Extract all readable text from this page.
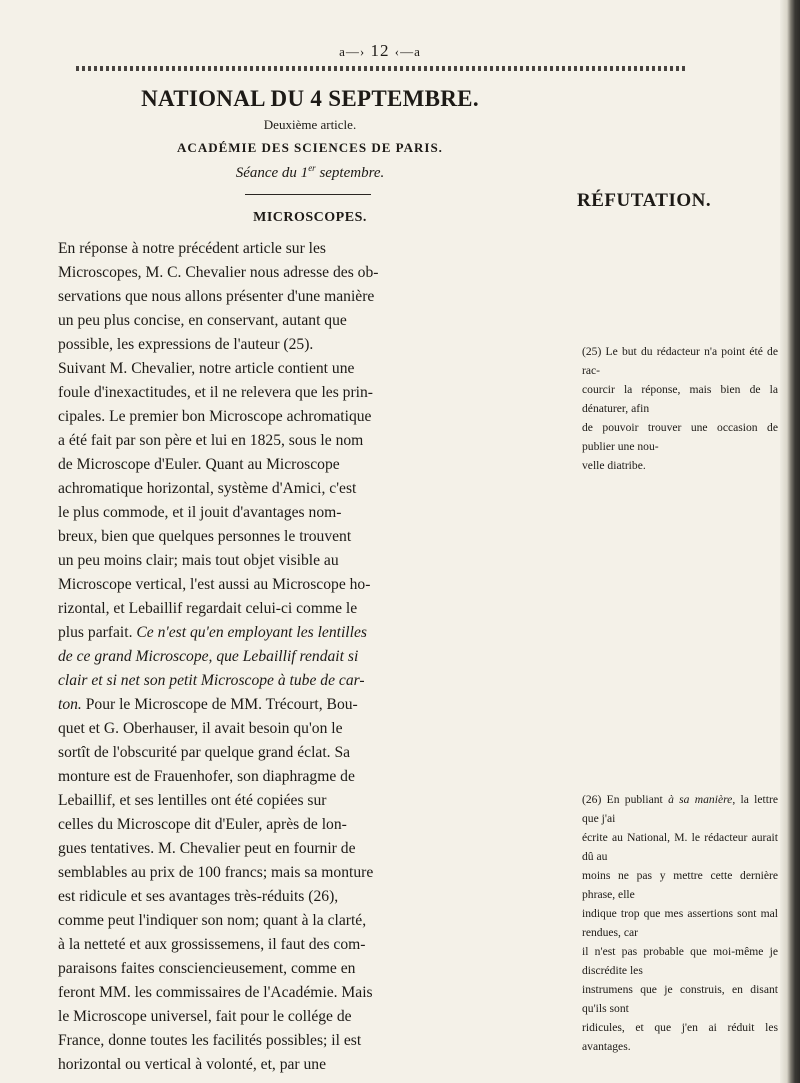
a—› 12 ‹—a
NATIONAL DU 4 SEPTEMBRE.
Deuxième article.
ACADÉMIE DES SCIENCES DE PARIS.
Séance du 1er septembre.
MICROSCOPES.
RÉFUTATION.

En réponse à notre précédent article sur les

Microscopes, M. C. Chevalier nous adresse des ob-

servations que nous allons présenter d'une manière

un peu plus concise, en conservant, autant que

possible, les expressions de l'auteur (25).

Suivant M. Chevalier, notre article contient une

foule d'inexactitudes, et il ne relevera que les prin-

cipales. Le premier bon Microscope achromatique

a été fait par son père et lui en 1825, sous le nom

de Microscope d'Euler. Quant au Microscope

achromatique horizontal, système d'Amici, c'est

le plus commode, et il jouit d'avantages nom-

breux, bien que quelques personnes le trouvent

un peu moins clair; mais tout objet visible au

Microscope vertical, l'est aussi au Microscope ho-

rizontal, et Lebaillif regardait celui-ci comme le

plus parfait. Ce n'est qu'en employant les lentilles

de ce grand Microscope, que Lebaillif rendait si

clair et si net son petit Microscope à tube de car-

ton. Pour le Microscope de MM. Trécourt, Bou-

quet et G. Oberhauser, il avait besoin qu'on le

sortît de l'obscurité par quelque grand éclat. Sa

monture est de Frauenhofer, son diaphragme de

Lebaillif, et ses lentilles ont été copiées sur

celles du Microscope dit d'Euler, après de lon-

gues tentatives. M. Chevalier peut en fournir de

semblables au prix de 100 francs; mais sa monture

est ridicule et ses avantages très-réduits (26),

comme peut l'indiquer son nom; quant à la clarté,

à la netteté et aux grossissemens, il faut des com-

paraisons faites consciencieusement, comme en

feront MM. les commissaires de l'Académie. Mais

le Microscope universel, fait pour le collége de

France, donne toutes les facilités possibles; il est

horizontal ou vertical à volonté, et, par une

(25) Le but du rédacteur n'a point été de rac-
courcir la réponse, mais bien de la dénaturer, afin
de pouvoir trouver une occasion de publier une nou-
velle diatribe.
(26) En publiant à sa manière, la lettre que j'ai
écrite au National, M. le rédacteur aurait dû au
moins ne pas y mettre cette dernière phrase, elle
indique trop que mes assertions sont mal rendues, car
il n'est pas probable que moi-même je discrédite les
instrumens que je construis, en disant qu'ils sont
ridicules, et que j'en ai réduit les avantages.
